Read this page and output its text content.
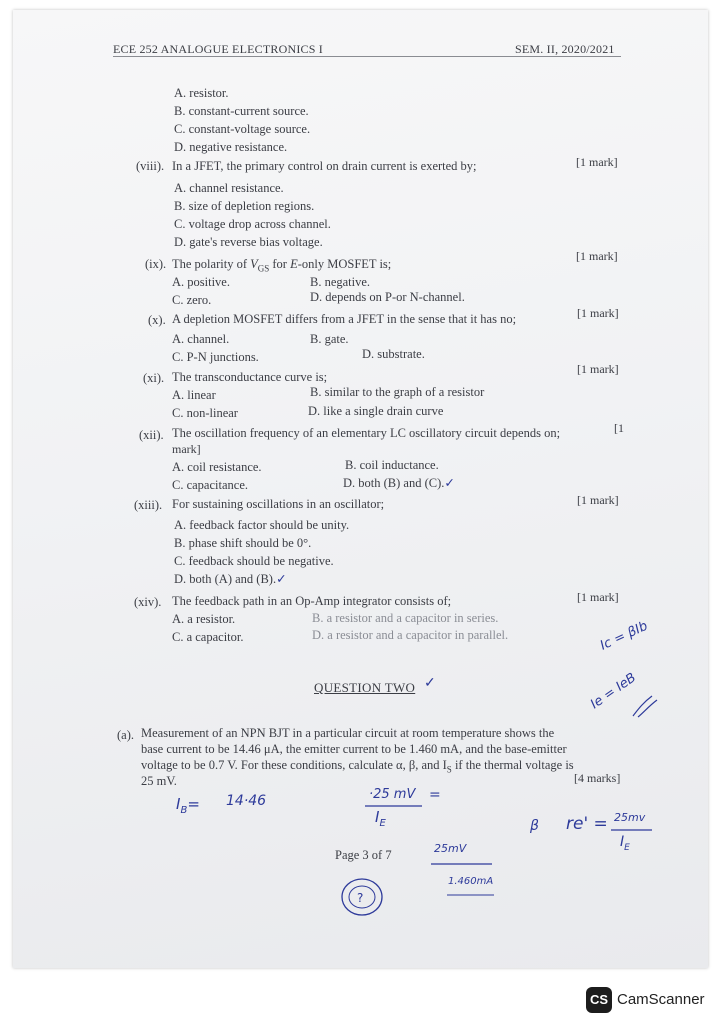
ECE 252 ANALOGUE ELECTRONICS I	SEM. II, 2020/2021
A. resistor.
B. constant-current source.
C. constant-voltage source.
D. negative resistance.
(viii). In a JFET, the primary control on drain current is exerted by;	[1 mark]
A. channel resistance.
B. size of depletion regions.
C. voltage drop across channel.
D. gate's reverse bias voltage.
(ix). The polarity of $V_{GS}$ for E-only MOSFET is;
[1 mark]
A. positive.	B. negative.
C. zero.	D. depends on P-or N-channel.
(x). A depletion MOSFET differs from a JFET in the sense that it has no;	[1 mark]
A. channel.	B. gate.
C. P-N junctions.	D. substrate.
(xi). The transconductance curve is;
[1 mark]
A. linear	B. similar to the graph of a resistor
C. non-linear	D. like a single drain curve
(xii). The oscillation frequency of an elementary LC oscillatory circuit depends on;	[1
mark]
A. coil resistance.	B. coil inductance.
C. capacitance.	D. both (B) and (C).✓
(xiii). For sustaining oscillations in an oscillator;	[1 mark]
A. feedback factor should be unity.
B. phase shift should be 0°.
C. feedback should be negative.
D. both (A) and (B).✓
(xiv). The feedback path in an Op-Amp integrator consists of;	[1 mark]
A. a resistor.	B. a resistor and a capacitor in series.
C. a capacitor.	D. a resistor and a capacitor in parallel.
QUESTION TWO ✓
(a). Measurement of an NPN BJT in a particular circuit at room temperature shows the
base current to be 14.46 μA, the emitter current to be 1.460 mA, and the base-emitter
voltage to be 0.7 V. For these conditions, calculate α, β, and $I_S$ if the thermal voltage is
25 mV.	[4 marks]
$I_B= 14\cdot 46$	·25 mV =
$I_E$	re' = 25mv
$I_E$
β
25mV
1.460mA
Ic = βIb
Ie = IeB
?
Page 3 of 7
CS CamScanner
